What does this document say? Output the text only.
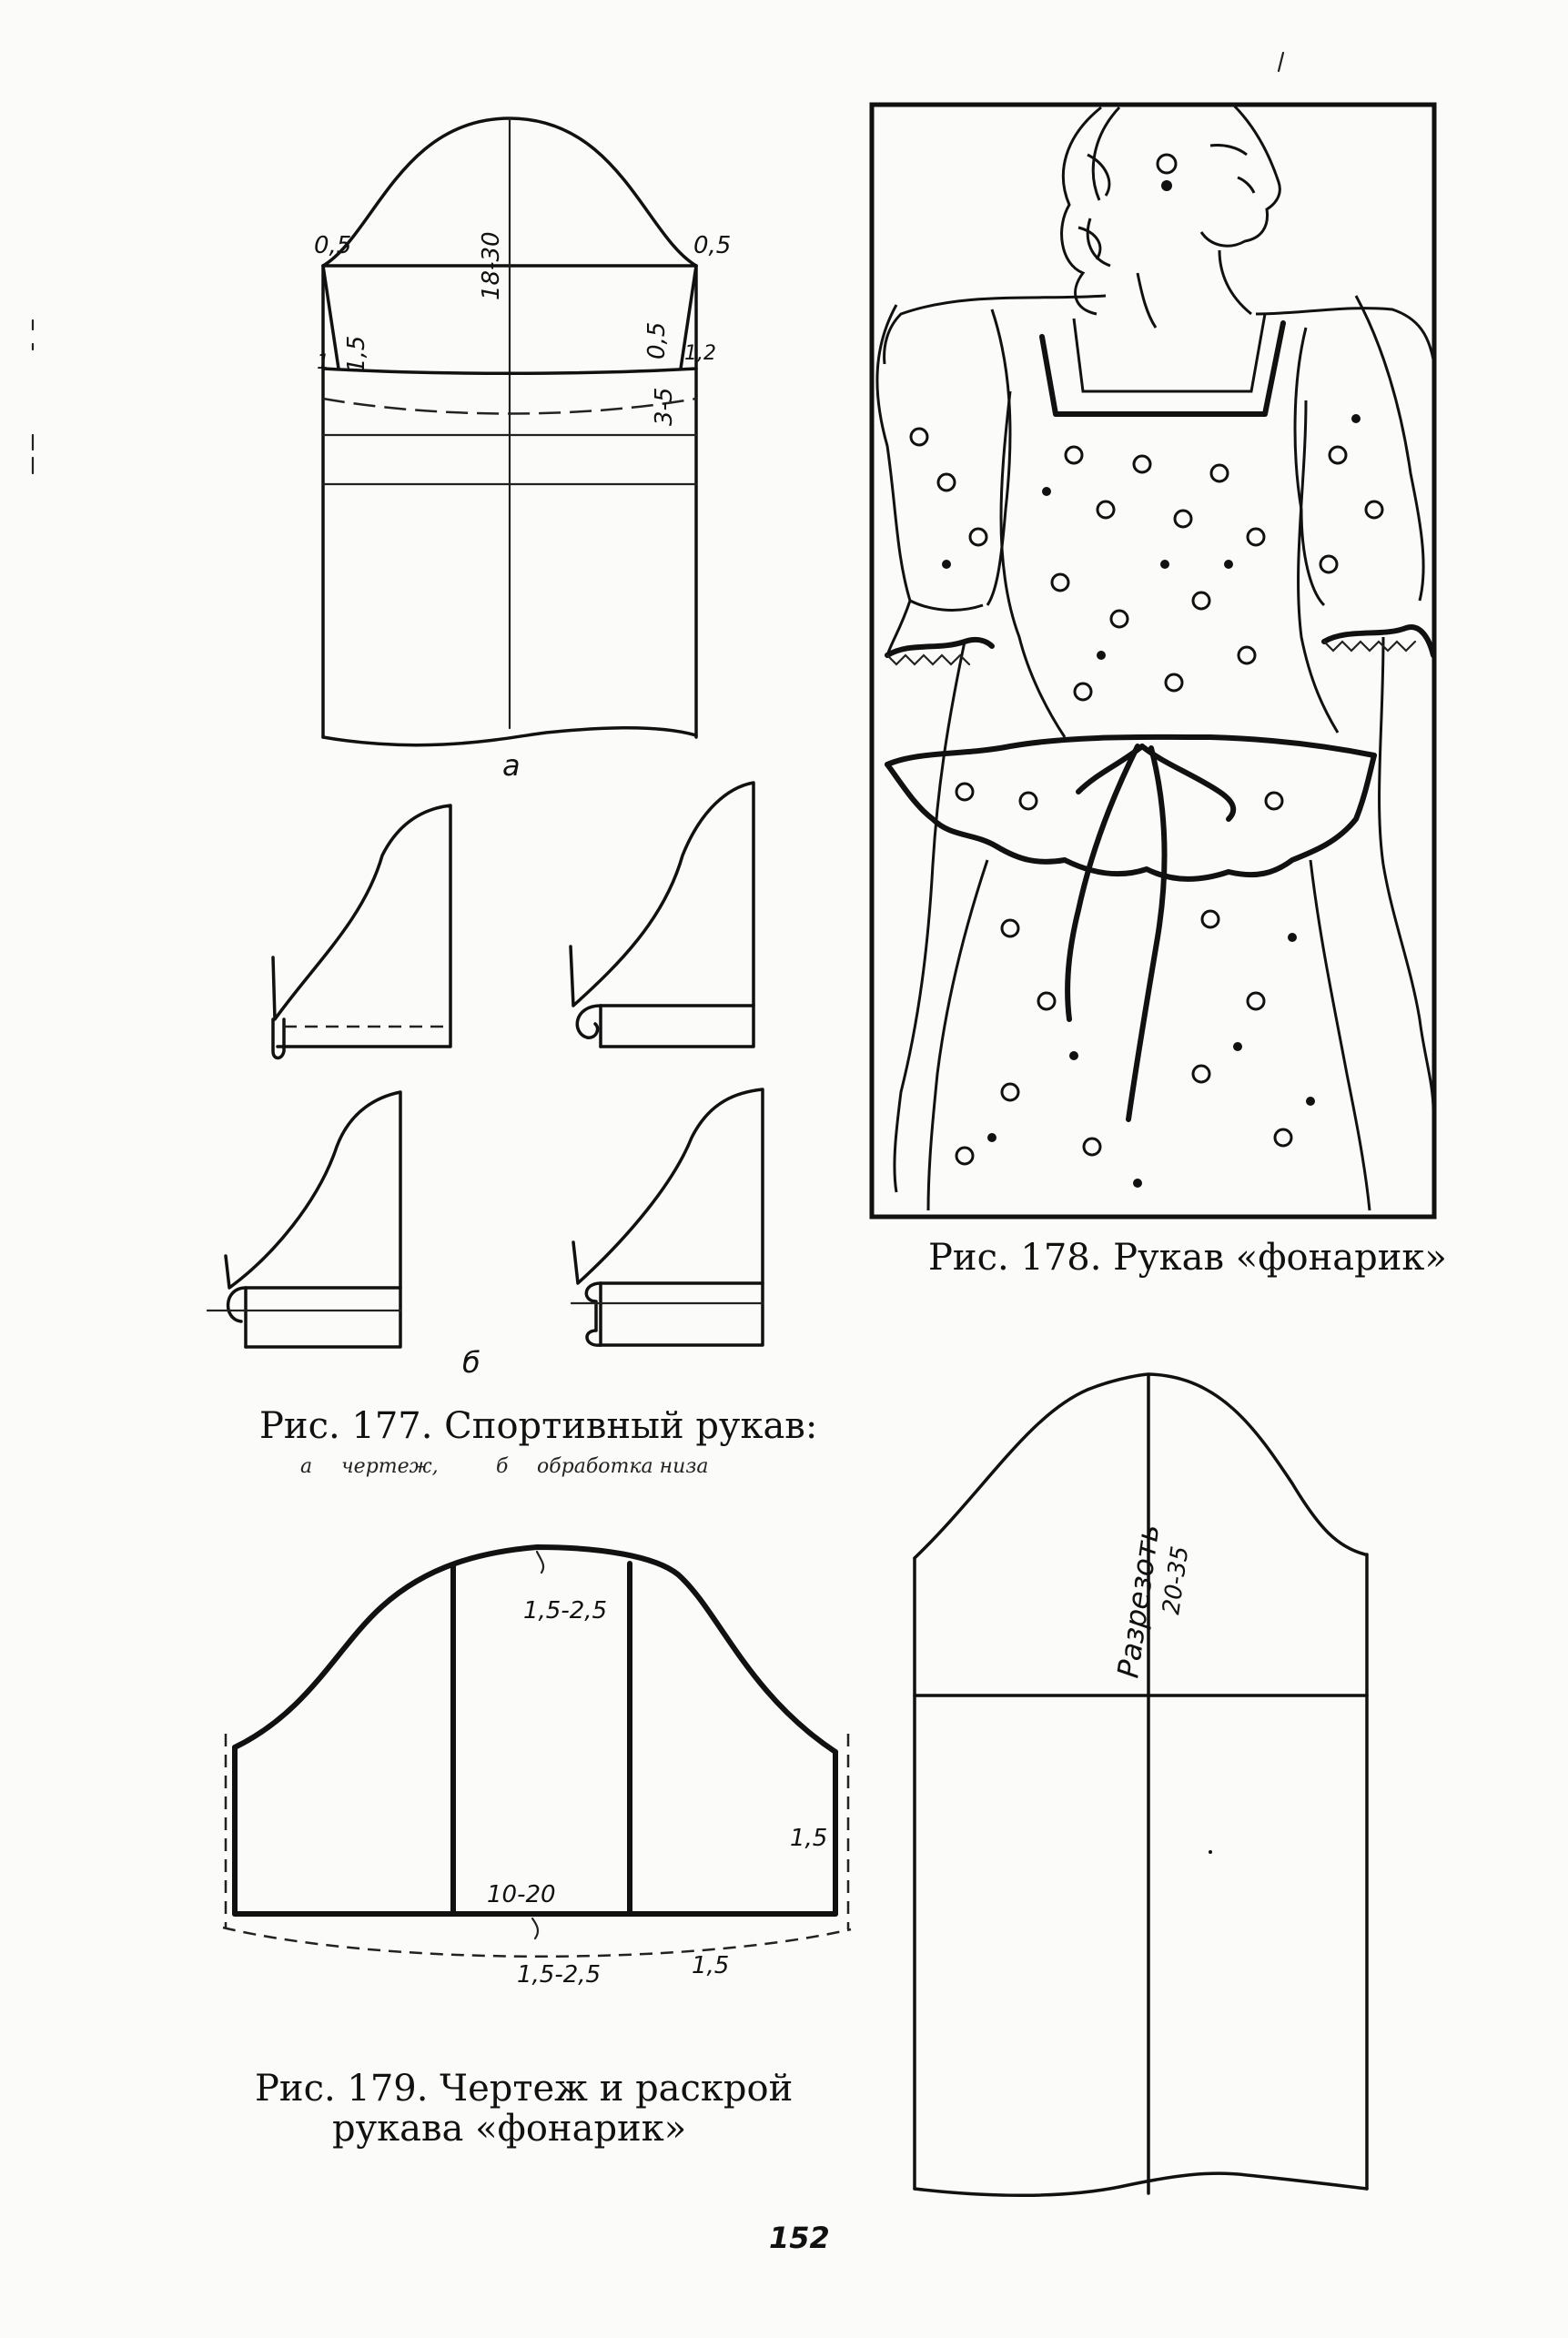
0,5	0,5
18-30
1,5	0,5
1	1,2
3-5
а
б
Рис. 177. Спортивный рукав:
а чертеж,	б обработка низа
Рис. 178. Рукав «фонарик»
1,5-2,5
10-20
1,5
1,5-2,5	1,5
Рис. 179. Чертеж и раскрой
рукава «фонарик»
Разрезоть
20-35
152
